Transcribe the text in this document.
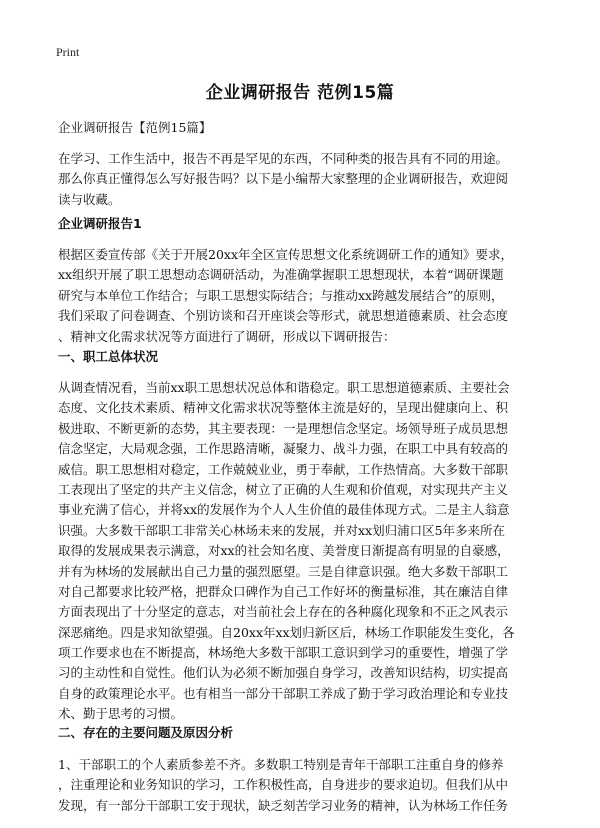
Print
企业调研报告 范例15篇
企业调研报告【范例15篇】
在学习、工作生活中，报告不再是罕见的东西，不同种类的报告具有不同的用途。
那么你真正懂得怎么写好报告吗？以下是小编帮大家整理的企业调研报告，欢迎阅
读与收藏。
企业调研报告1
根据区委宣传部《关于开展20xx年全区宣传思想文化系统调研工作的通知》要求，
xx组织开展了职工思想动态调研活动，为准确掌握职工思想现状，本着“调研课题
研究与本单位工作结合；与职工思想实际结合；与推动xx跨越发展结合”的原则，
我们采取了问卷调查、个别访谈和召开座谈会等形式，就思想道德素质、社会态度
、精神文化需求状况等方面进行了调研，形成以下调研报告：
一、职工总体状况
从调查情况看，当前xx职工思想状况总体和谐稳定。职工思想道德素质、主要社会
态度、文化技术素质、精神文化需求状况等整体主流是好的，呈现出健康向上、积
极进取、不断更新的态势，其主要表现：一是理想信念坚定。场领导班子成员思想
信念坚定，大局观念强，工作思路清晰，凝聚力、战斗力强，在职工中具有较高的
威信。职工思想相对稳定，工作兢兢业业，勇于奉献，工作热情高。大多数干部职
工表现出了坚定的共产主义信念，树立了正确的人生观和价值观，对实现共产主义
事业充满了信心，并将xx的发展作为个人人生价值的最佳体现方式。二是主人翁意
识强。大多数干部职工非常关心林场未来的发展，并对xx划归浦口区5年多来所在
取得的发展成果表示满意，对xx的社会知名度、美誉度日渐提高有明显的自豪感，
并有为林场的发展献出自己力量的强烈愿望。三是自律意识强。绝大多数干部职工
对自己都要求比较严格，把群众口碑作为自己工作好坏的衡量标准，其在廉洁自律
方面表现出了十分坚定的意志，对当前社会上存在的各种腐化现象和不正之风表示
深恶痛绝。四是求知欲望强。自20xx年xx划归新区后，林场工作职能发生变化，各
项工作要求也在不断提高，林场绝大多数干部职工意识到学习的重要性，增强了学
习的主动性和自觉性。他们认为必须不断加强自身学习，改善知识结构，切实提高
自身的政策理论水平。也有相当一部分干部职工养成了勤于学习政治理论和专业技
术、勤于思考的习惯。
二、存在的主要问题及原因分析
1、干部职工的个人素质参差不齐。多数职工特别是青年干部职工注重自身的修养
，注重理论和业务知识的学习，工作积极性高，自身进步的要求迫切。但我们从中
发现，有一部分干部职工安于现状，缺乏刻苦学习业务的精神，认为林场工作任务
